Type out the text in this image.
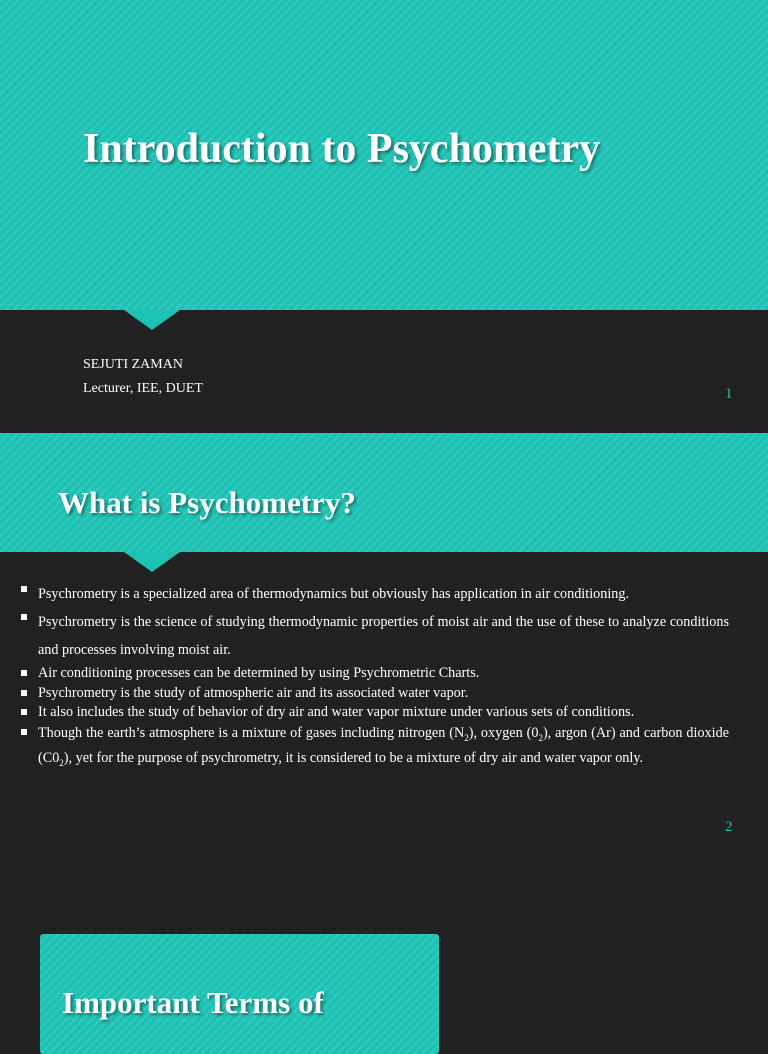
Introduction to Psychometry
SEJUTI ZAMAN
Lecturer, IEE, DUET	1
What is Psychometry?
Psychrometry is a specialized area of thermodynamics but obviously has application in air conditioning.
Psychrometry is the science of studying thermodynamic properties of moist air and the use of these to analyze conditions and processes involving moist air.
Air conditioning processes can be determined by using Psychrometric Charts.
Psychrometry is the study of atmospheric air and its associated water vapor.
It also includes the study of behavior of dry air and water vapor mixture under various sets of conditions.
Though the earth’s atmosphere is a mixture of gases including nitrogen $(N_2)$, oxygen $(0_2)$, argon (Ar) and carbon dioxide $(C0_2)$, yet for the purpose of psychrometry, it is considered to be a mixture of dry air and water vapor only.
2
Important Terms of
